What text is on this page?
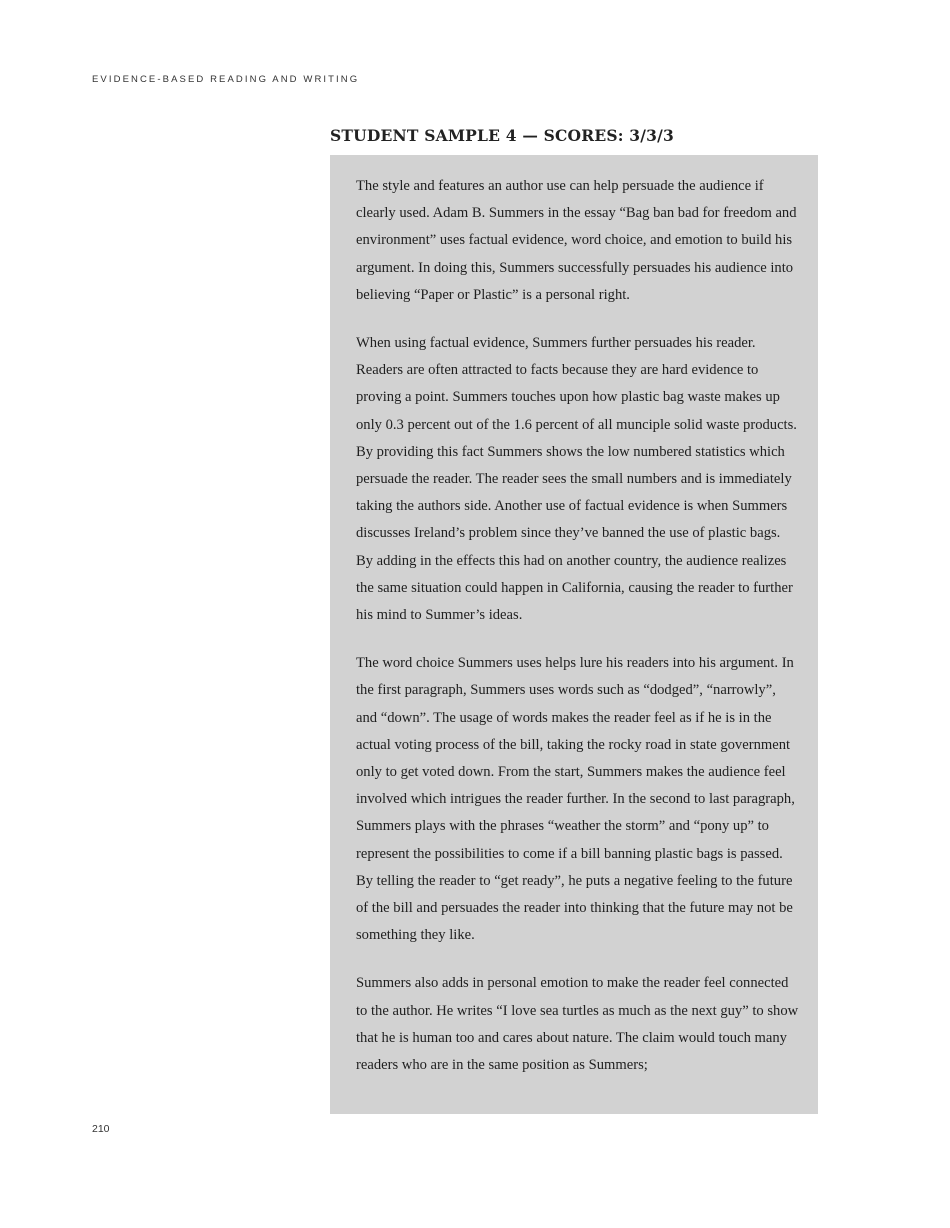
EVIDENCE-BASED READING AND WRITING

STUDENT SAMPLE 4 — SCORES: 3/3/3

The style and features an author use can help persuade the audience if clearly used. Adam B. Summers in the essay “Bag ban bad for freedom and environment” uses factual evidence, word choice, and emotion to build his argument. In doing this, Summers successfully persuades his audience into believing “Paper or Plastic” is a personal right.

When using factual evidence, Summers further persuades his reader. Readers are often attracted to facts because they are hard evidence to proving a point. Summers touches upon how plastic bag waste makes up only 0.3 percent out of the 1.6 percent of all munciple solid waste products. By providing this fact Summers shows the low numbered statistics which persuade the reader. The reader sees the small numbers and is immediately taking the authors side. Another use of factual evidence is when Summers discusses Ireland’s problem since they’ve banned the use of plastic bags. By adding in the effects this had on another country, the audience realizes the same situation could happen in California, causing the reader to further his mind to Summer’s ideas.

The word choice Summers uses helps lure his readers into his argument. In the first paragraph, Summers uses words such as “dodged”, “narrowly”, and “down”. The usage of words makes the reader feel as if he is in the actual voting process of the bill, taking the rocky road in state government only to get voted down. From the start, Summers makes the audience feel involved which intrigues the reader further. In the second to last paragraph, Summers plays with the phrases “weather the storm” and “pony up” to represent the possibilities to come if a bill banning plastic bags is passed. By telling the reader to “get ready”, he puts a negative feeling to the future of the bill and persuades the reader into thinking that the future may not be something they like.

Summers also adds in personal emotion to make the reader feel connected to the author. He writes “I love sea turtles as much as the next guy” to show that he is human too and cares about nature. The claim would touch many readers who are in the same position as Summers;

210
